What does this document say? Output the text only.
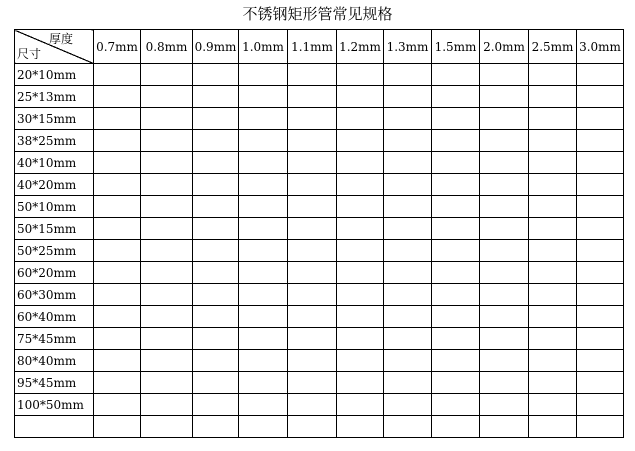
不锈钢矩形管常见规格
厚度
尺寸	0.7mm	0.8mm	0.9mm	1.0mm	1.1mm	1.2mm	1.3mm	1.5mm	2.0mm	2.5mm	3.0mm
20*10mm											
25*13mm											
30*15mm											
38*25mm											
40*10mm											
40*20mm											
50*10mm											
50*15mm											
50*25mm											
60*20mm											
60*30mm											
60*40mm											
75*45mm											
80*40mm											
95*45mm											
100*50mm											
